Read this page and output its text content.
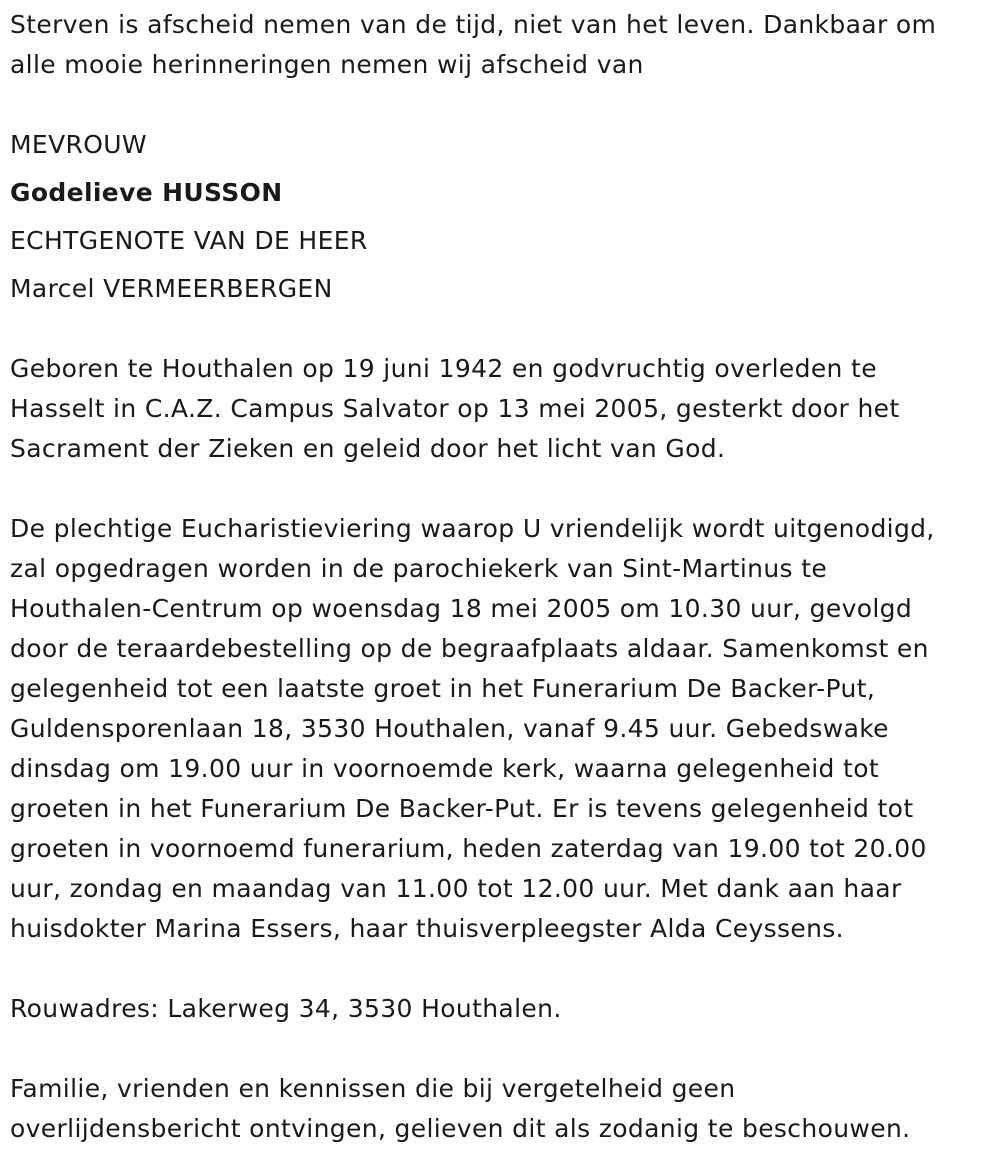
Sterven is afscheid nemen van de tijd, niet van het leven. Dankbaar om

alle mooie herinneringen nemen wij afscheid van

MEVROUW

Godelieve HUSSON

ECHTGENOTE VAN DE HEER

Marcel VERMEERBERGEN

Geboren te Houthalen op 19 juni 1942 en godvruchtig overleden te

Hasselt in C.A.Z. Campus Salvator op 13 mei 2005, gesterkt door het

Sacrament der Zieken en geleid door het licht van God.

De plechtige Eucharistieviering waarop U vriendelijk wordt uitgenodigd,

zal opgedragen worden in de parochiekerk van Sint-Martinus te

Houthalen-Centrum op woensdag 18 mei 2005 om 10.30 uur, gevolgd

door de teraardebestelling op de begraafplaats aldaar. Samenkomst en

gelegenheid tot een laatste groet in het Funerarium De Backer-Put,

Guldensporenlaan 18, 3530 Houthalen, vanaf 9.45 uur. Gebedswake

dinsdag om 19.00 uur in voornoemde kerk, waarna gelegenheid tot

groeten in het Funerarium De Backer-Put. Er is tevens gelegenheid tot

groeten in voornoemd funerarium, heden zaterdag van 19.00 tot 20.00

uur, zondag en maandag van 11.00 tot 12.00 uur. Met dank aan haar

huisdokter Marina Essers, haar thuisverpleegster Alda Ceyssens.

Rouwadres: Lakerweg 34, 3530 Houthalen.

Familie, vrienden en kennissen die bij vergetelheid geen

overlijdensbericht ontvingen, gelieven dit als zodanig te beschouwen.
